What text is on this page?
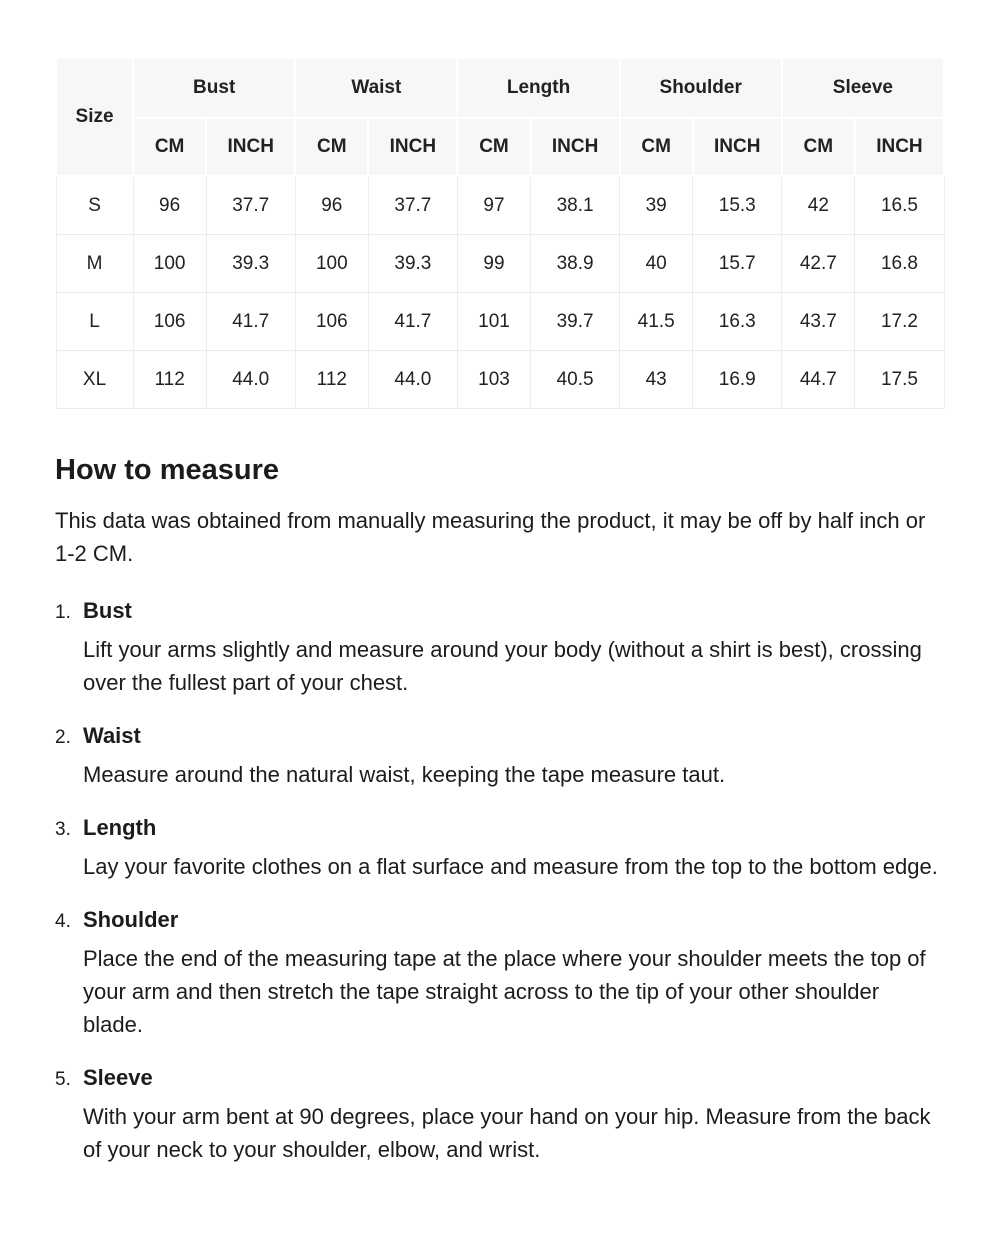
Size	Bust		Waist		Length		Shoulder		Sleeve	
	CM	INCH	CM	INCH	CM	INCH	CM	INCH	CM	INCH
S	96	37.7	96	37.7	97	38.1	39	15.3	42	16.5
M	100	39.3	100	39.3	99	38.9	40	15.7	42.7	16.8
L	106	41.7	106	41.7	101	39.7	41.5	16.3	43.7	17.2
XL	112	44.0	112	44.0	103	40.5	43	16.9	44.7	17.5
How to measure

This data was obtained from manually measuring the product, it may be off by half inch or 1-2 CM.

1. Bust

Lift your arms slightly and measure around your body (without a shirt is best), crossing over the fullest part of your chest.

2. Waist

Measure around the natural waist, keeping the tape measure taut.

3. Length

Lay your favorite clothes on a flat surface and measure from the top to the bottom edge.

4. Shoulder

Place the end of the measuring tape at the place where your shoulder meets the top of your arm and then stretch the tape straight across to the tip of your other shoulder blade.

5. Sleeve

With your arm bent at 90 degrees, place your hand on your hip. Measure from the back of your neck to your shoulder, elbow, and wrist.
